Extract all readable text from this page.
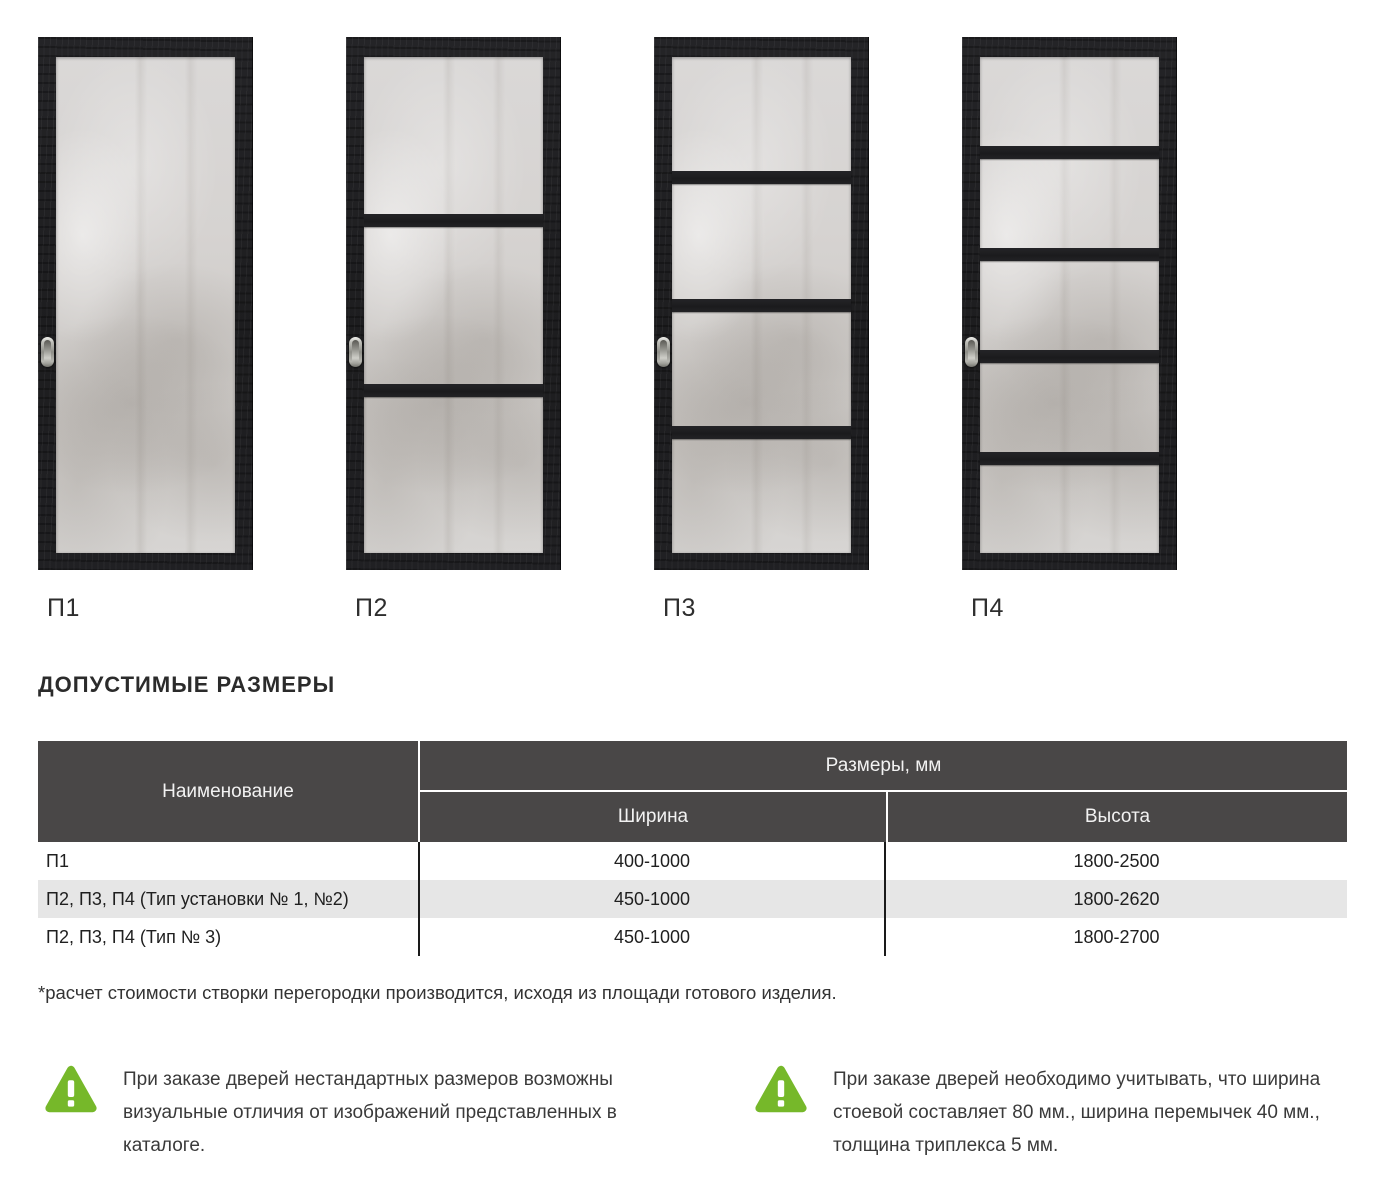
П1	П2	П3	П4
ДОПУСТИМЫЕ РАЗМЕРЫ
Наименование
Размеры, мм
Ширина	Высота
П1	400-1000	1800-2500
П2, П3, П4 (Тип установки № 1, №2)	450-1000	1800-2620
П2, П3, П4 (Тип № 3)	450-1000	1800-2700

*расчет стоимости створки перегородки производится, исходя из площади готового изделия.

При заказе дверей нестандартных размеров возможны визуальные отличия от изображений представленных в каталоге.

При заказе дверей необходимо учитывать, что ширина стоевой составляет 80 мм., ширина перемычек 40 мм., толщина триплекса 5 мм.
